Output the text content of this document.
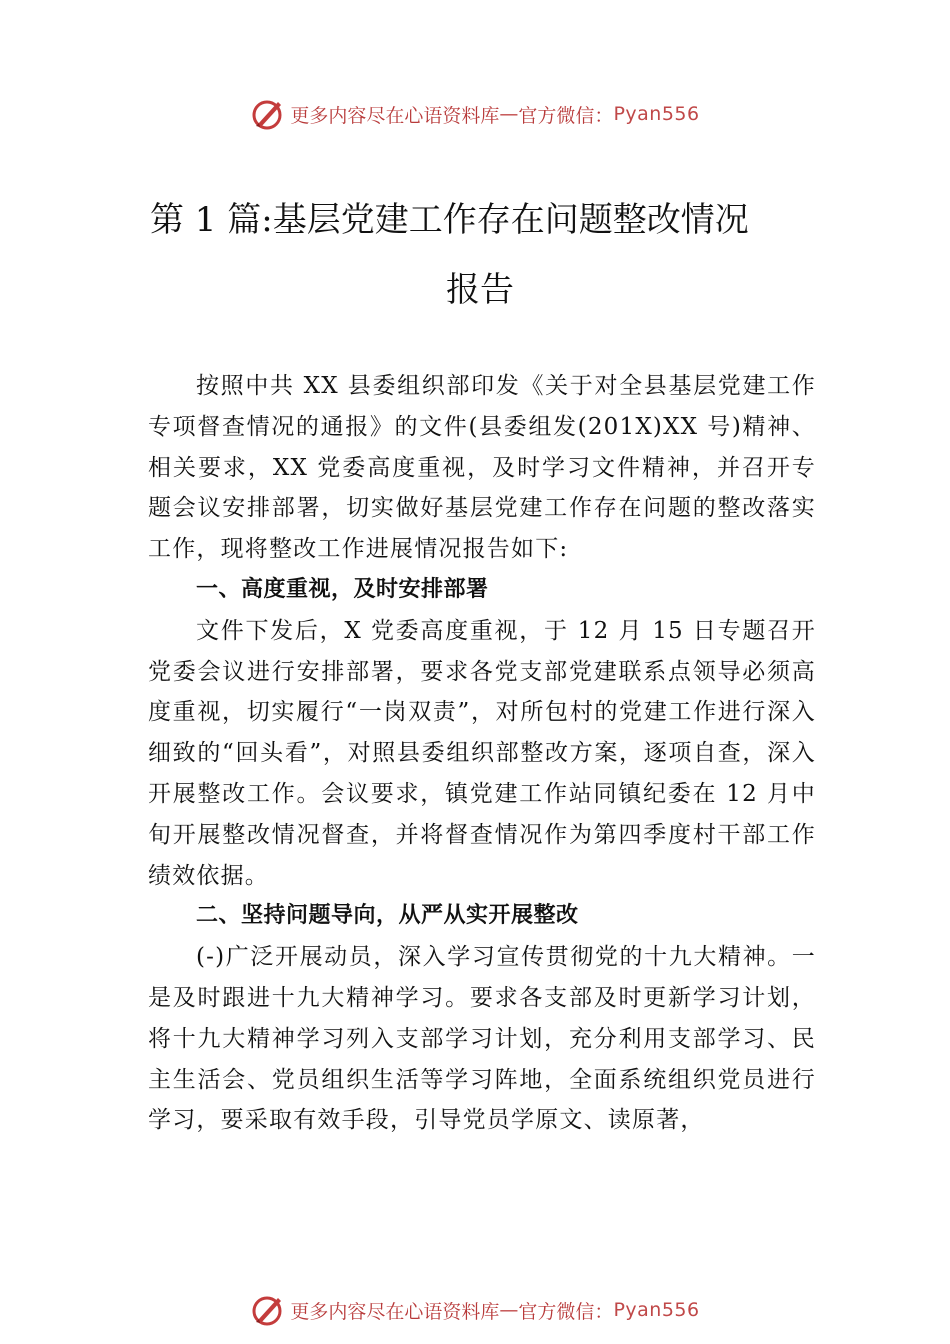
更多内容尽在心语资料库 — 官方微信： Pyan556
第 1 篇:基层党建工作存在问题整改情况
报告

按照中共 XX 县委组织部印发《关于对全县基层党建工作专项督查情况的通报》的文件(县委组发(201X)XX 号)精神、相关要求，XX 党委高度重视，及时学习文件精神，并召开专题会议安排部署，切实做好基层党建工作存在问题的整改落实工作，现将整改工作进展情况报告如下:

一、高度重视，及时安排部署

文件下发后，X 党委高度重视，于 12 月 15 日专题召开党委会议进行安排部署，要求各党支部党建联系点领导必须高度重视，切实履行“一岗双责”，对所包村的党建工作进行深入细致的“回头看”，对照县委组织部整改方案，逐项自查，深入开展整改工作。会议要求，镇党建工作站同镇纪委在 12 月中旬开展整改情况督查，并将督查情况作为第四季度村干部工作绩效依据。

二、坚持问题导向，从严从实开展整改

(-)广泛开展动员，深入学习宣传贯彻党的十九大精神。一是及时跟进十九大精神学习。要求各支部及时更新学习计划，将十九大精神学习列入支部学习计划，充分利用支部学习、民主生活会、党员组织生活等学习阵地，全面系统组织党员进行学习，要采取有效手段，引导党员学原文、读原著，

更多内容尽在心语资料库 — 官方微信： Pyan556
